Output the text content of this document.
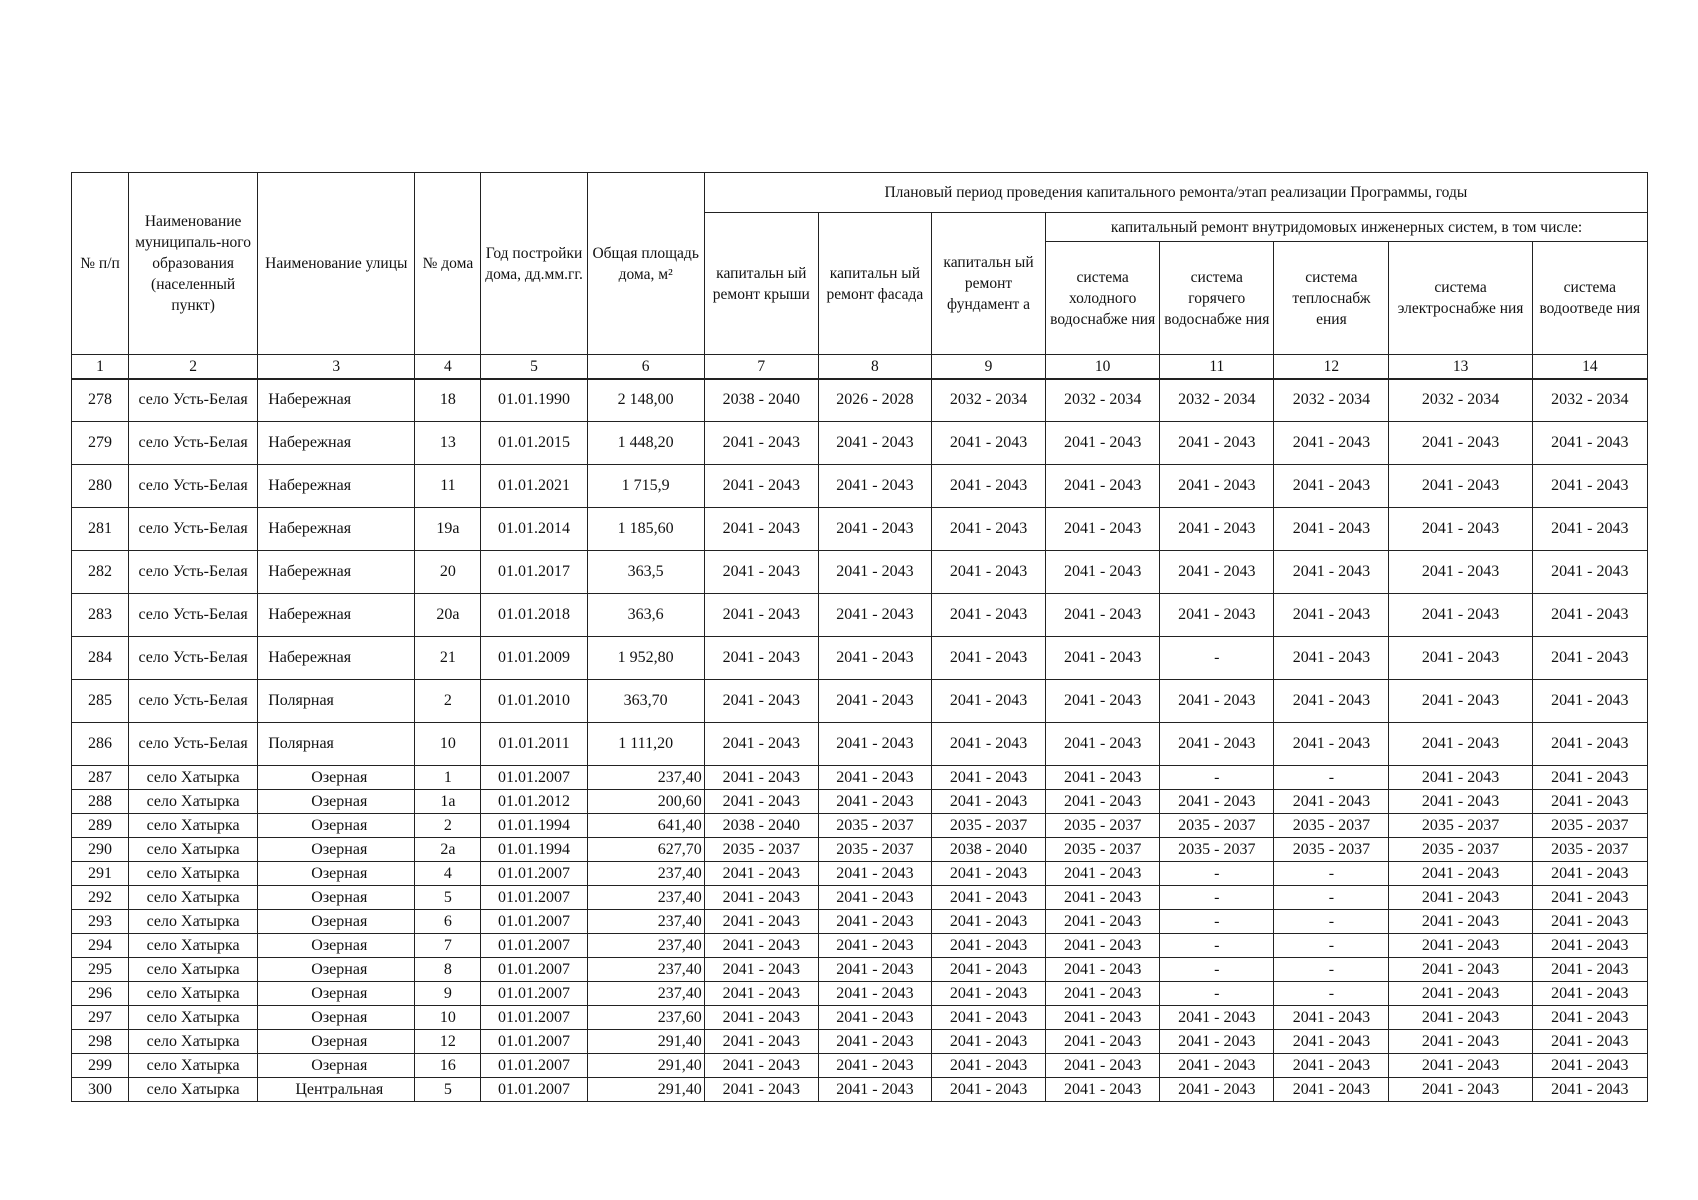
№ п/п	Наименование муниципаль-ного образования (населенный пункт)	Наименование улицы	№ дома	Год постройки дома, дд.мм.гг.	Общая площадь дома, м²	Плановый период проведения капитального ремонта/этап реализации Программы, годы							
						капитальн ый ремонт крыши	капитальн ый ремонт фасада	капитальн ый ремонт фундамент а	капитальный ремонт внутридомовых инженерных систем, в том числе:				
									система холодного водоснабже ния	система горячего водоснабже ния	система теплоснабж ения	система электроснабже ния	система водоотведе ния
1	2	3	4	5	6	7	8	9	10	11	12	13	14
278	село Усть-Белая	Набережная	18	01.01.1990	2 148,00	2038 - 2040	2026 - 2028	2032 - 2034	2032 - 2034	2032 - 2034	2032 - 2034	2032 - 2034	2032 - 2034
279	село Усть-Белая	Набережная	13	01.01.2015	1 448,20	2041 - 2043	2041 - 2043	2041 - 2043	2041 - 2043	2041 - 2043	2041 - 2043	2041 - 2043	2041 - 2043
280	село Усть-Белая	Набережная	11	01.01.2021	1 715,9	2041 - 2043	2041 - 2043	2041 - 2043	2041 - 2043	2041 - 2043	2041 - 2043	2041 - 2043	2041 - 2043
281	село Усть-Белая	Набережная	19а	01.01.2014	1 185,60	2041 - 2043	2041 - 2043	2041 - 2043	2041 - 2043	2041 - 2043	2041 - 2043	2041 - 2043	2041 - 2043
282	село Усть-Белая	Набережная	20	01.01.2017	363,5	2041 - 2043	2041 - 2043	2041 - 2043	2041 - 2043	2041 - 2043	2041 - 2043	2041 - 2043	2041 - 2043
283	село Усть-Белая	Набережная	20а	01.01.2018	363,6	2041 - 2043	2041 - 2043	2041 - 2043	2041 - 2043	2041 - 2043	2041 - 2043	2041 - 2043	2041 - 2043
284	село Усть-Белая	Набережная	21	01.01.2009	1 952,80	2041 - 2043	2041 - 2043	2041 - 2043	2041 - 2043	-	2041 - 2043	2041 - 2043	2041 - 2043
285	село Усть-Белая	Полярная	2	01.01.2010	363,70	2041 - 2043	2041 - 2043	2041 - 2043	2041 - 2043	2041 - 2043	2041 - 2043	2041 - 2043	2041 - 2043
286	село Усть-Белая	Полярная	10	01.01.2011	1 111,20	2041 - 2043	2041 - 2043	2041 - 2043	2041 - 2043	2041 - 2043	2041 - 2043	2041 - 2043	2041 - 2043
287	село Хатырка	Озерная	1	01.01.2007	237,40	2041 - 2043	2041 - 2043	2041 - 2043	2041 - 2043	-	-	2041 - 2043	2041 - 2043
288	село Хатырка	Озерная	1а	01.01.2012	200,60	2041 - 2043	2041 - 2043	2041 - 2043	2041 - 2043	2041 - 2043	2041 - 2043	2041 - 2043	2041 - 2043
289	село Хатырка	Озерная	2	01.01.1994	641,40	2038 - 2040	2035 - 2037	2035 - 2037	2035 - 2037	2035 - 2037	2035 - 2037	2035 - 2037	2035 - 2037
290	село Хатырка	Озерная	2а	01.01.1994	627,70	2035 - 2037	2035 - 2037	2038 - 2040	2035 - 2037	2035 - 2037	2035 - 2037	2035 - 2037	2035 - 2037
291	село Хатырка	Озерная	4	01.01.2007	237,40	2041 - 2043	2041 - 2043	2041 - 2043	2041 - 2043	-	-	2041 - 2043	2041 - 2043
292	село Хатырка	Озерная	5	01.01.2007	237,40	2041 - 2043	2041 - 2043	2041 - 2043	2041 - 2043	-	-	2041 - 2043	2041 - 2043
293	село Хатырка	Озерная	6	01.01.2007	237,40	2041 - 2043	2041 - 2043	2041 - 2043	2041 - 2043	-	-	2041 - 2043	2041 - 2043
294	село Хатырка	Озерная	7	01.01.2007	237,40	2041 - 2043	2041 - 2043	2041 - 2043	2041 - 2043	-	-	2041 - 2043	2041 - 2043
295	село Хатырка	Озерная	8	01.01.2007	237,40	2041 - 2043	2041 - 2043	2041 - 2043	2041 - 2043	-	-	2041 - 2043	2041 - 2043
296	село Хатырка	Озерная	9	01.01.2007	237,40	2041 - 2043	2041 - 2043	2041 - 2043	2041 - 2043	-	-	2041 - 2043	2041 - 2043
297	село Хатырка	Озерная	10	01.01.2007	237,60	2041 - 2043	2041 - 2043	2041 - 2043	2041 - 2043	2041 - 2043	2041 - 2043	2041 - 2043	2041 - 2043
298	село Хатырка	Озерная	12	01.01.2007	291,40	2041 - 2043	2041 - 2043	2041 - 2043	2041 - 2043	2041 - 2043	2041 - 2043	2041 - 2043	2041 - 2043
299	село Хатырка	Озерная	16	01.01.2007	291,40	2041 - 2043	2041 - 2043	2041 - 2043	2041 - 2043	2041 - 2043	2041 - 2043	2041 - 2043	2041 - 2043
300	село Хатырка	Центральная	5	01.01.2007	291,40	2041 - 2043	2041 - 2043	2041 - 2043	2041 - 2043	2041 - 2043	2041 - 2043	2041 - 2043	2041 - 2043
